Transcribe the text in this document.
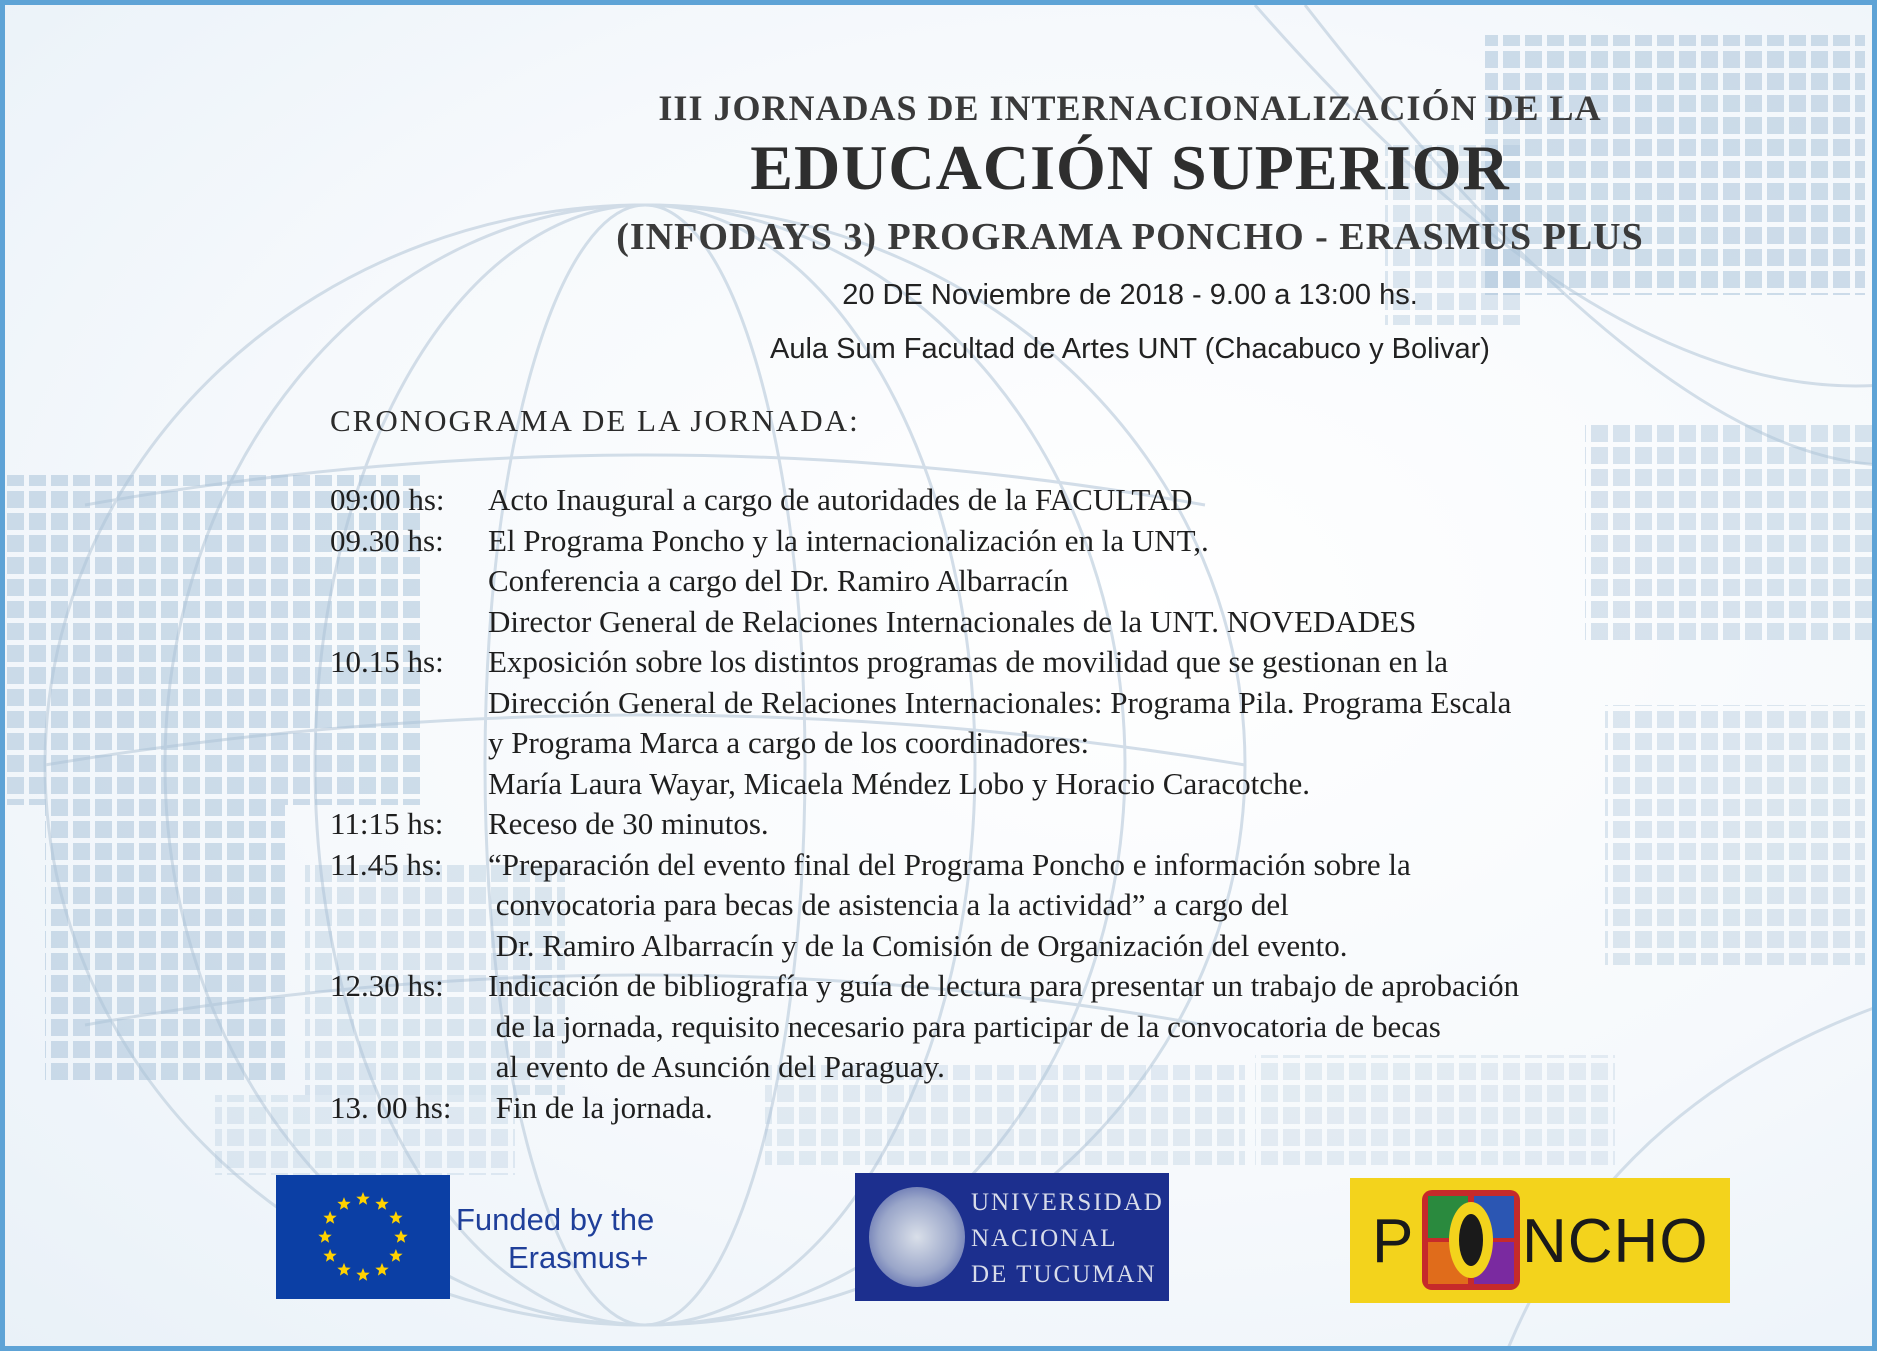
III JORNADAS DE INTERNACIONALIZACIÓN DE LA
EDUCACIÓN SUPERIOR
(INFODAYS 3) PROGRAMA PONCHO - ERASMUS PLUS
20 DE Noviembre de 2018 - 9.00 a 13:00 hs.
Aula Sum Facultad de Artes UNT (Chacabuco y Bolivar)
CRONOGRAMA DE LA JORNADA:
09:00 hs: Acto Inaugural a cargo de autoridades de la FACULTAD
09.30 hs: El Programa Poncho y la internacionalización en la UNT,.
Conferencia a cargo del Dr. Ramiro Albarracín
Director General de Relaciones Internacionales de la UNT. NOVEDADES
10.15 hs: Exposición sobre los distintos programas de movilidad que se gestionan en la
Dirección General de Relaciones Internacionales: Programa Pila. Programa Escala
y Programa Marca a cargo de los coordinadores:
María Laura Wayar, Micaela Méndez Lobo y Horacio Caracotche.
11:15 hs: Receso de 30 minutos.
11.45 hs: “Preparación del evento final del Programa Poncho e información sobre la
convocatoria para becas de asistencia a la actividad” a cargo del
Dr. Ramiro Albarracín y de la Comisión de Organización del evento.
12.30 hs: Indicación de bibliografía y guía de lectura para presentar un trabajo de aprobación
de la jornada, requisito necesario para participar de la convocatoria de becas
al evento de Asunción del Paraguay.
13. 00 hs: Fin de la jornada.
Funded by the
Erasmus+
UNIVERSIDAD
NACIONAL
DE TUCUMAN	P NCHO
